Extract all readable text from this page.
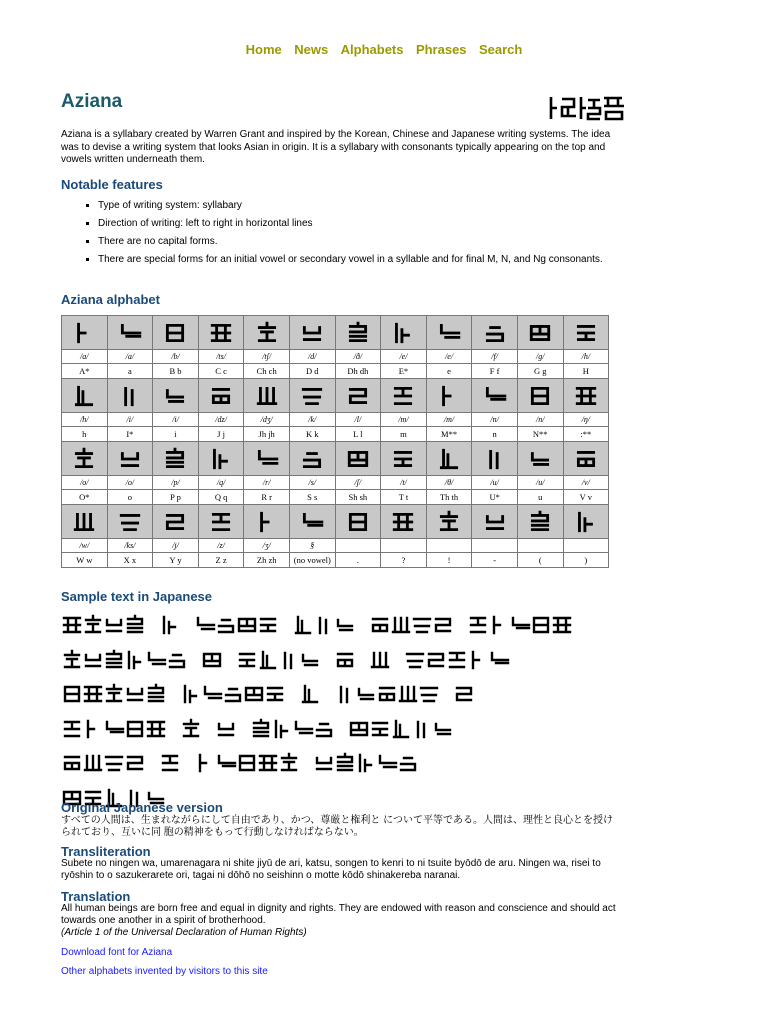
Home News Alphabets Phrases Search
Aziana

Aziana is a syllabary created by Warren Grant and inspired by the Korean, Chinese and Japanese writing systems. The idea was to devise a writing system that looks Asian in origin. It is a syllabary with consonants typically appearing on the top and vowels written underneath them.

Notable features
▪ Type of writing system: syllabary
▪ Direction of writing: left to right in horizontal lines
▪ There are no capital forms.
▪ There are special forms for an initial vowel or secondary vowel in a syllable and for final M, N, and Ng consonants.
Aziana alphabet

/a/	/a/	/b/	/ts/	/tʃ/	/d/	/ð/	/e/	/e/	/f/	/g/	/h/
A*	a	B b	C c	Ch ch	D d	Dh dh	E*	e	F f	G g	H

/h/	/i/	/i/	/dz/	/dʒ/	/k/	/l/	/m/	/m/	/n/	/n/	/ŋ/
h	I*	i	J j	Jh jh	K k	L l	m	M**	n	N**	:**

/o/	/o/	/p/	/q/	/r/	/s/	/ʃ/	/t/	/θ/	/u/	/u/	/v/
O*	o	P p	Q q	R r	S s	Sh sh	T t	Th th	U*	u	V v

/w/	/ks/	/j/	/z/	/ʒ/	§						
W w	X x	Y y	Z z	Zh zh	(no vowel)	.	?	!	-	(	)
Sample text in Japanese
Original Japanese version

すべての人間は、生まれながらにして自由であり、かつ、尊厳と権利と について平等である。人間は、理性と良心とを授けられており、互いに同 胞の精神をもって行動しなければならない。

Transliteration

Subete no ningen wa, umarenagara ni shite jiyū de ari, katsu, songen to kenri to ni tsuite byōdō de aru. Ningen wa, risei to ryōshin to o sazukerarete ori, tagai ni dōhō no seishinn o motte kōdō shinakereba naranai.

Translation

All human beings are born free and equal in dignity and rights. They are endowed with reason and conscience and should act towards one another in a spirit of brotherhood.
(Article 1 of the Universal Declaration of Human Rights)

Download font for Aziana
Other alphabets invented by visitors to this site
